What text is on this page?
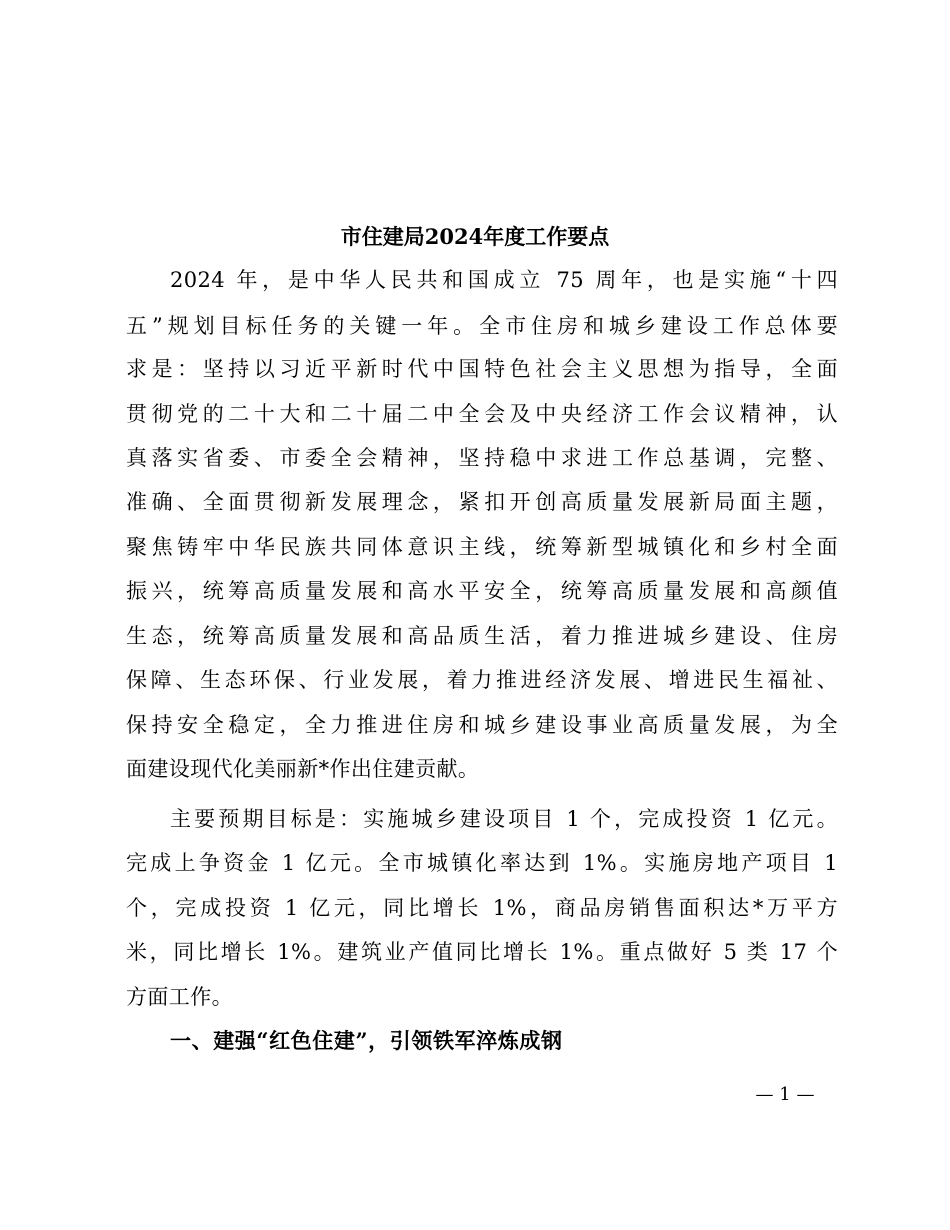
市住建局2024年度工作要点
2024 年，是中华人民共和国成立 75 周年，也是实施“十四
五”规划目标任务的关键一年。全市住房和城乡建设工作总体要
求是：坚持以习近平新时代中国特色社会主义思想为指导，全面
贯彻党的二十大和二十届二中全会及中央经济工作会议精神，认
真落实省委、市委全会精神，坚持稳中求进工作总基调，完整、
准确、全面贯彻新发展理念，紧扣开创高质量发展新局面主题，
聚焦铸牢中华民族共同体意识主线，统筹新型城镇化和乡村全面
振兴，统筹高质量发展和高水平安全，统筹高质量发展和高颜值
生态，统筹高质量发展和高品质生活，着力推进城乡建设、住房
保障、生态环保、行业发展，着力推进经济发展、增进民生福祉、
保持安全稳定，全力推进住房和城乡建设事业高质量发展，为全
面建设现代化美丽新*作出住建贡献。
主要预期目标是：实施城乡建设项目 1 个，完成投资 1 亿元。
完成上争资金 1 亿元。全市城镇化率达到 1%。实施房地产项目 1
个，完成投资 1 亿元，同比增长 1%，商品房销售面积达*万平方
米，同比增长 1%。建筑业产值同比增长 1%。重点做好 5 类 17 个
方面工作。
一、建强“红色住建”，引领铁军淬炼成钢
— 1 —
